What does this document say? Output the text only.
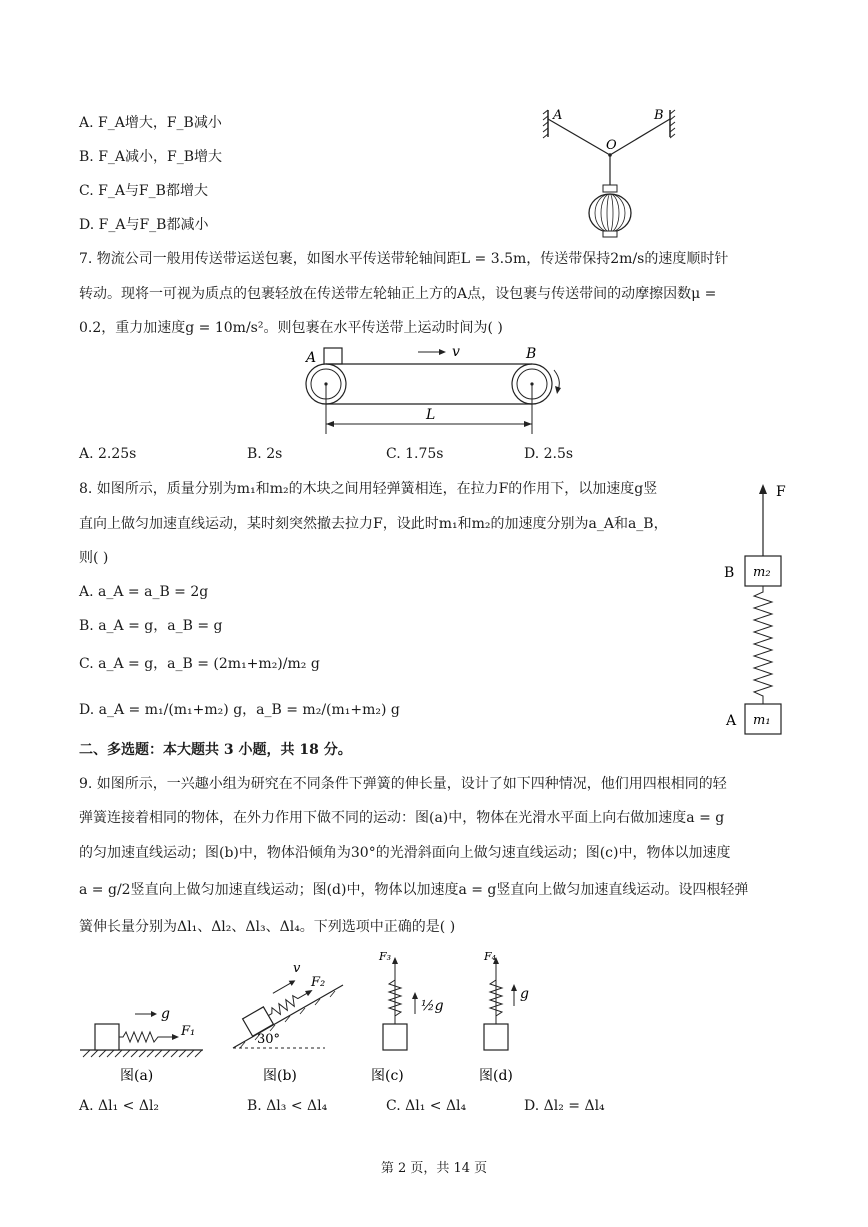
A. F_A增大，F_B减小
B. F_A减小，F_B增大
C. F_A与F_B都增大
D. F_A与F_B都减小
A	B
O
7. 物流公司一般用传送带运送包裹，如图水平传送带轮轴间距L = 3.5m，传送带保持2m/s的速度顺时针
转动。现将一可视为质点的包裹轻放在传送带左轮轴正上方的A点，设包裹与传送带间的动摩擦因数μ =
0.2，重力加速度g = 10m/s²。则包裹在水平传送带上运动时间为( )
A	B
v
L
A. 2.25s	B. 2s	C. 1.75s	D. 2.5s
8. 如图所示，质量分别为m₁和m₂的木块之间用轻弹簧相连，在拉力F的作用下，以加速度g竖
直向上做匀加速直线运动，某时刻突然撤去拉力F，设此时m₁和m₂的加速度分别为a_A和a_B，
则( )
A. a_A = a_B = 2g
B. a_A = g，a_B = g
C. a_A = g，a_B = (2m₁+m₂)/m₂ g
D. a_A = m₁/(m₁+m₂) g，a_B = m₂/(m₁+m₂) g
F
B
A
m₂
m₁
二、多选题：本大题共 3 小题，共 18 分。
9. 如图所示，一兴趣小组为研究在不同条件下弹簧的伸长量，设计了如下四种情况，他们用四根相同的轻
弹簧连接着相同的物体，在外力作用下做不同的运动：图(a)中，物体在光滑水平面上向右做加速度a = g
的匀加速直线运动；图(b)中，物体沿倾角为30°的光滑斜面向上做匀速直线运动；图(c)中，物体以加速度
a = g/2竖直向上做匀加速直线运动；图(d)中，物体以加速度a = g竖直向上做匀加速直线运动。设四根轻弹
簧伸长量分别为Δl₁、Δl₂、Δl₃、Δl₄。下列选项中正确的是( )
g
F₁
图(a)
v
F₂
30°
图(b)
F₃
½g
图(c)
F₄
g
图(d)
A. Δl₁ < Δl₂	B. Δl₃ < Δl₄	C. Δl₁ < Δl₄	D. Δl₂ = Δl₄
第 2 页，共 14 页
